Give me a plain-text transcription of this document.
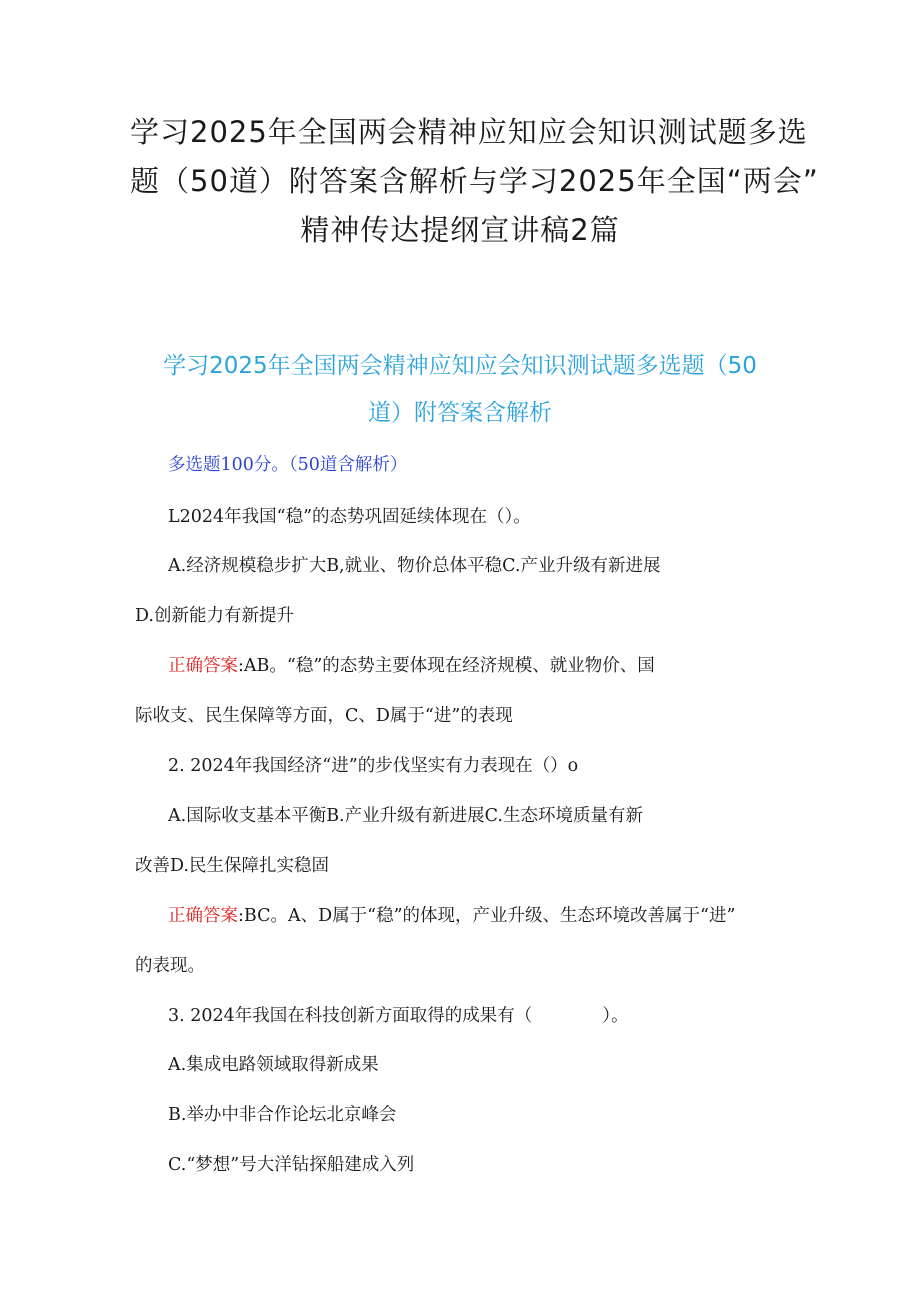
学习2025年全国两会精神应知应会知识测试题多选
题（50道）附答案含解析与学习2025年全国“两会”
精神传达提纲宣讲稿2篇
学习2025年全国两会精神应知应会知识测试题多选题（50
道）附答案含解析
多选题100分。（50道含解析）
L2024年我国“稳”的态势巩固延续体现在（）。
A.经济规模稳步扩大B,就业、物价总体平稳C.产业升级有新进展
D.创新能力有新提升
正确答案:AB。“稳”的态势主要体现在经济规模、就业物价、国
际收支、民生保障等方面，C、D属于“进”的表现
2. 2024年我国经济“进”的步伐坚实有力表现在（）o
A.国际收支基本平衡B.产业升级有新进展C.生态环境质量有新
改善D.民生保障扎实稳固
正确答案:BC。A、D属于“稳”的体现，产业升级、生态环境改善属于“进”
的表现。
3. 2024年我国在科技创新方面取得的成果有（　　　　）。
A.集成电路领域取得新成果
B.举办中非合作论坛北京峰会
C.“梦想”号大洋钻探船建成入列
